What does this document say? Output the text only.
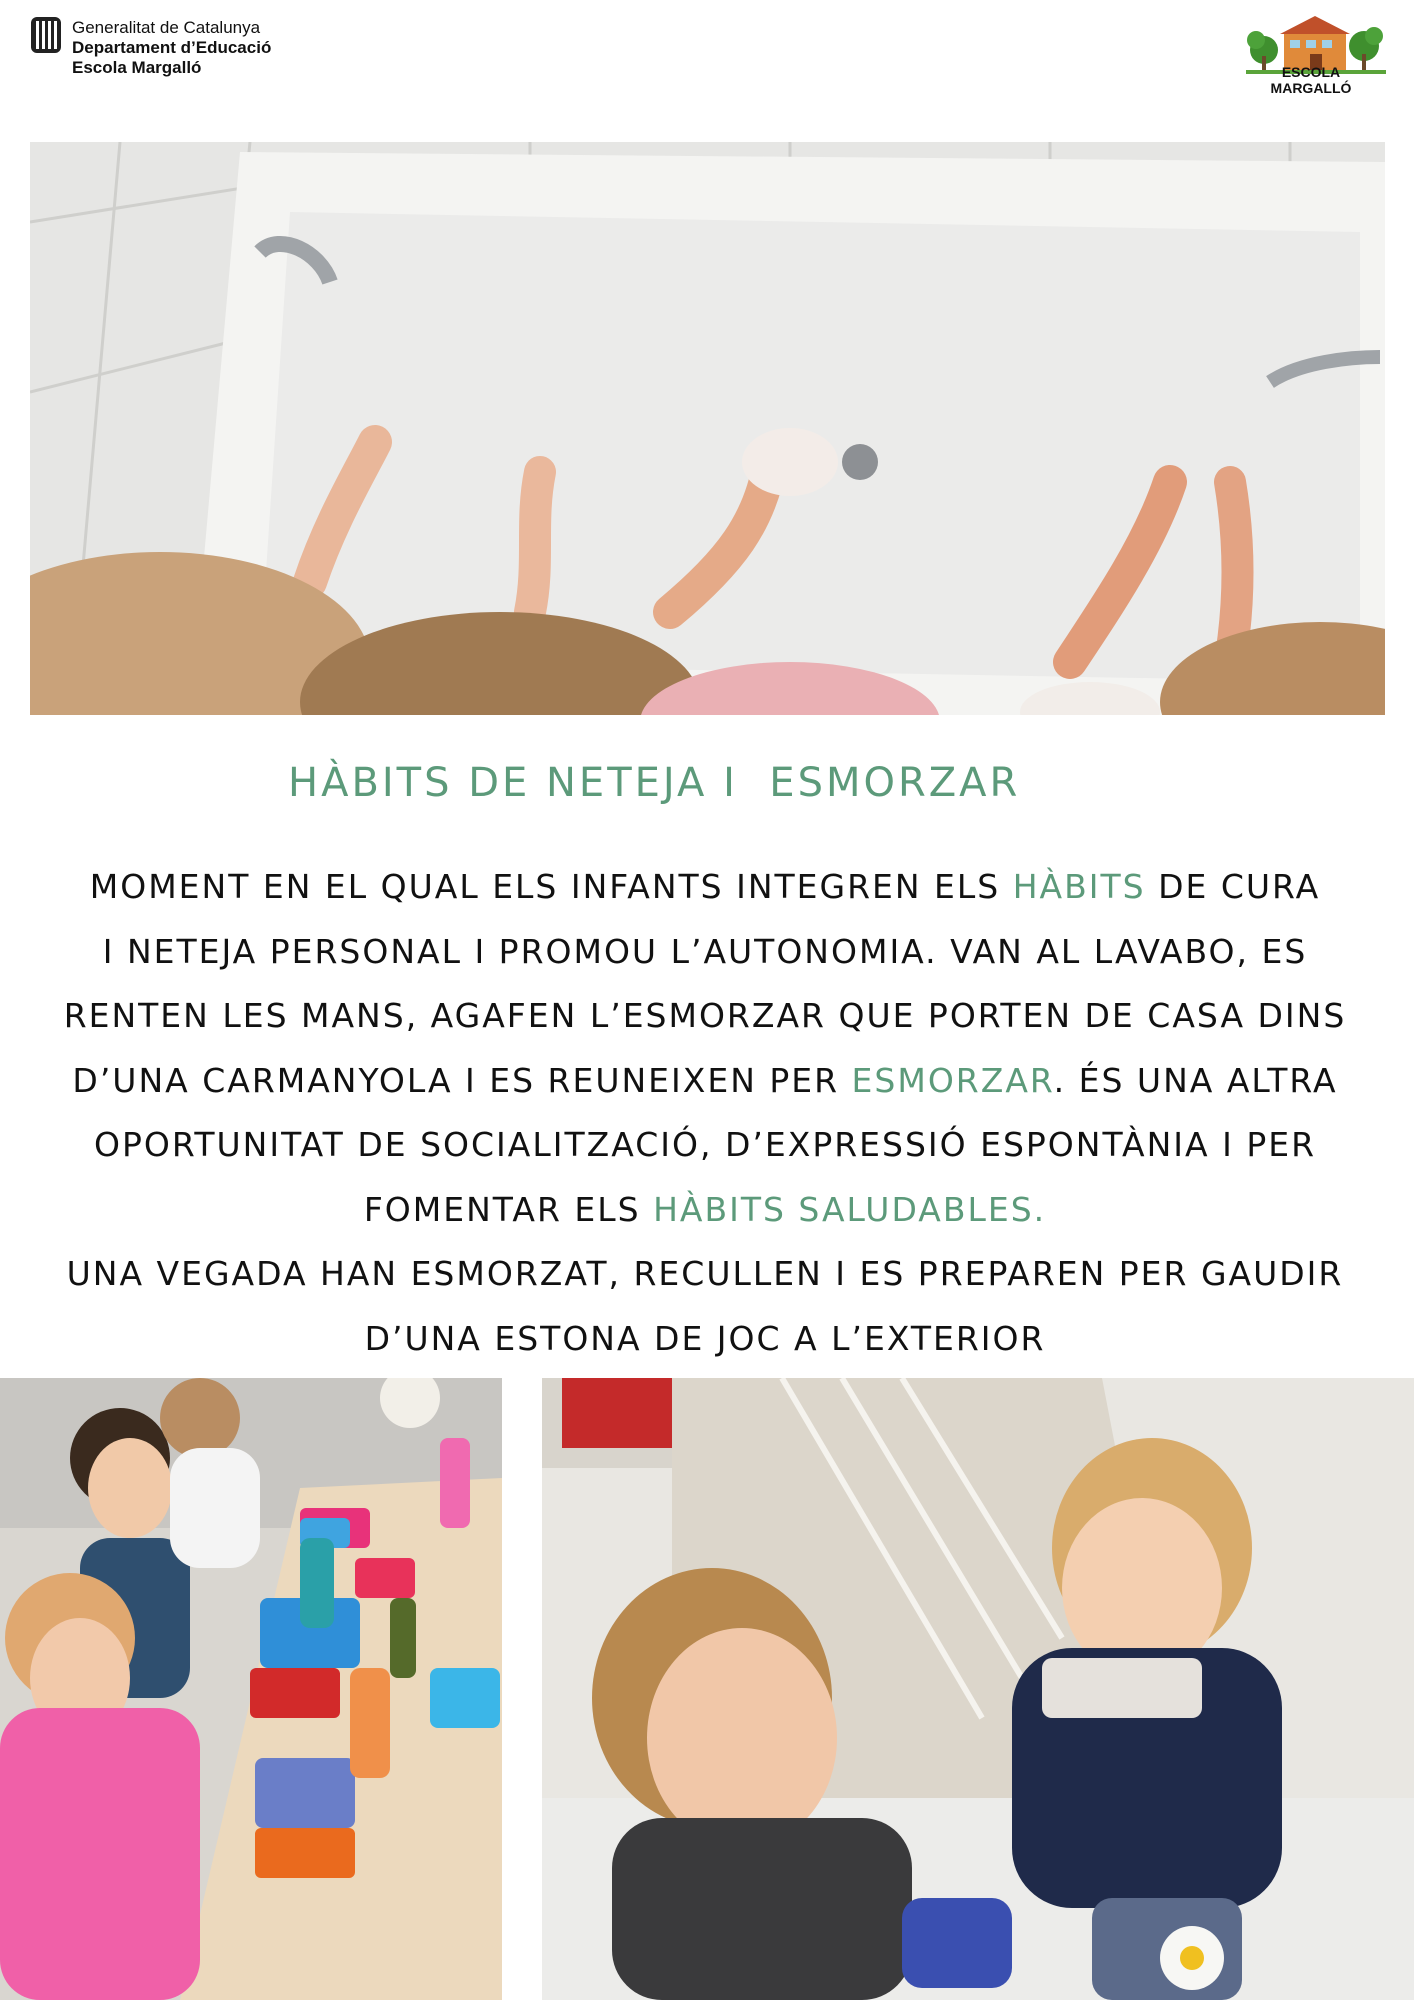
Generalitat de Catalunya
Departament d’Educació
Escola Margalló	ESCOLA MARGALLÓ
HÀBITS DE NETEJA I  ESMORZAR
MOMENT EN EL QUAL ELS INFANTS INTEGREN ELS HÀBITS DE CURA
I NETEJA PERSONAL I PROMOU L’AUTONOMIA. VAN AL LAVABO, ES
RENTEN LES MANS, AGAFEN L’ESMORZAR QUE PORTEN DE CASA DINS
D’UNA CARMANYOLA I ES REUNEIXEN PER ESMORZAR. ÉS UNA ALTRA
OPORTUNITAT DE SOCIALITZACIÓ, D’EXPRESSIÓ ESPONTÀNIA I PER
FOMENTAR ELS HÀBITS SALUDABLES.
UNA VEGADA HAN ESMORZAT, RECULLEN I ES PREPAREN PER GAUDIR
D’UNA ESTONA DE JOC A L’EXTERIOR
